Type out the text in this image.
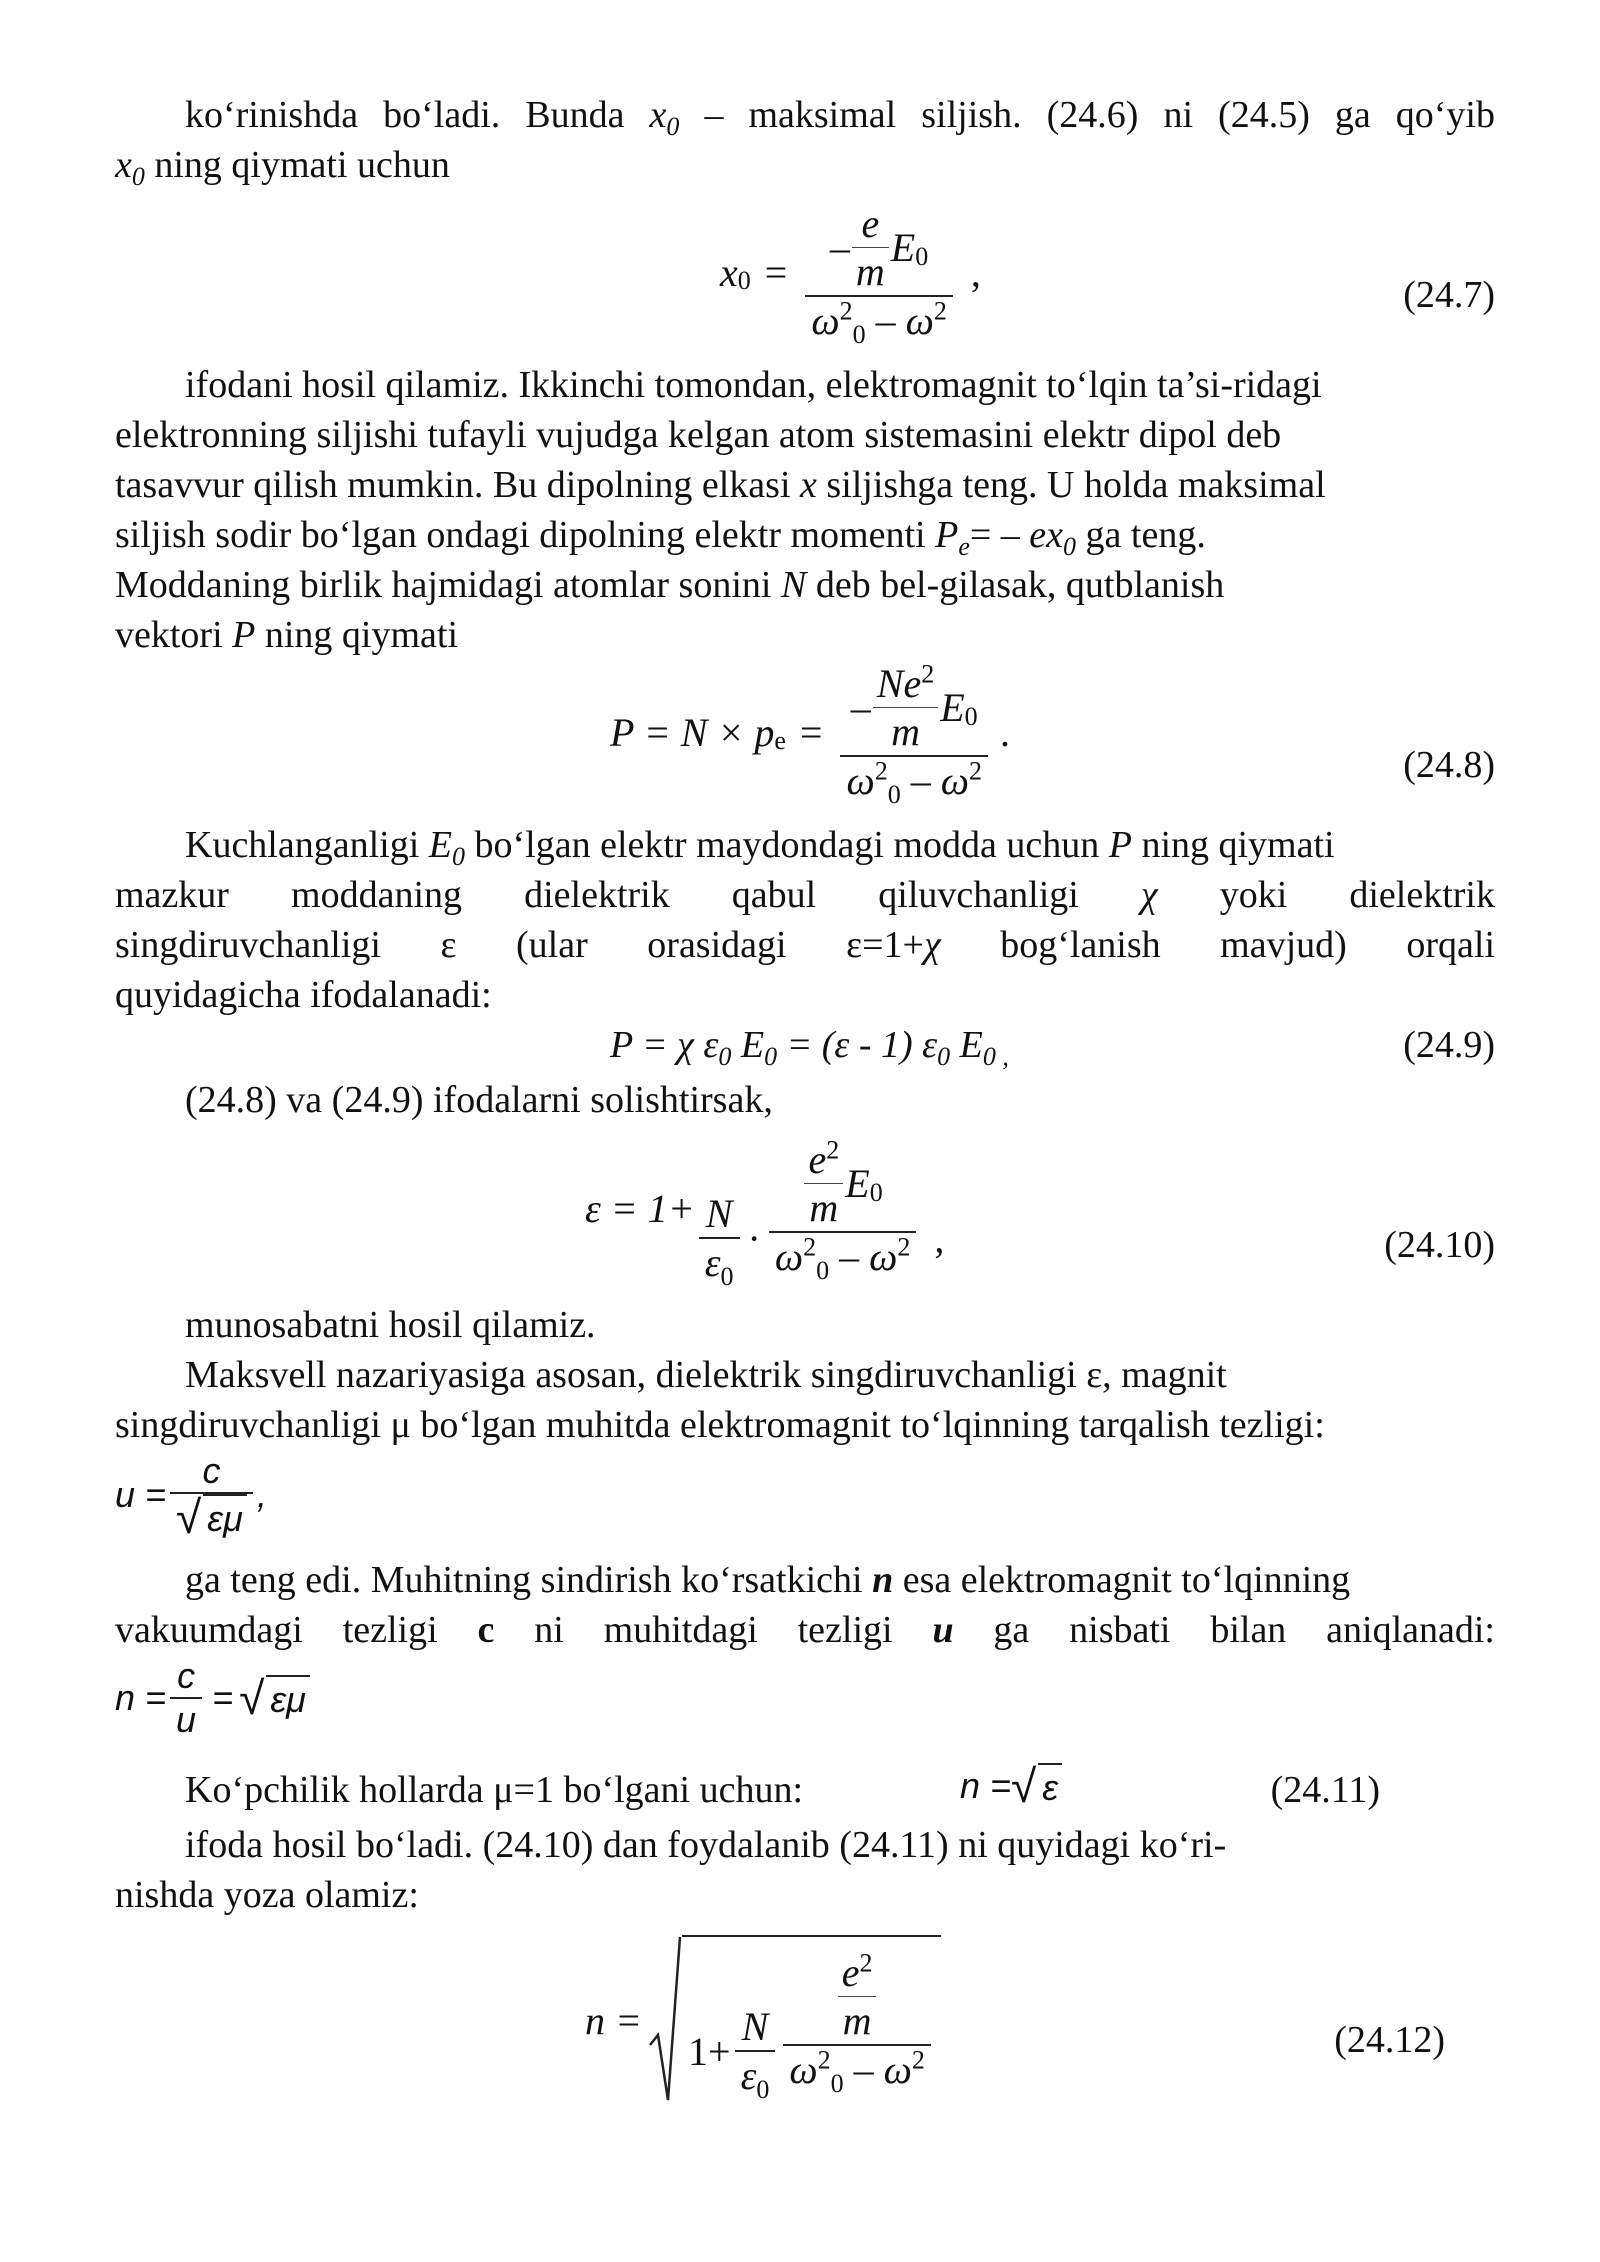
ko‘rinishda bo‘ladi. Bunda $x_0$ – maksimal siljish. (24.6) ni (24.5) ga qo‘yib

$x_0$ ning qiymati uchun

x 0 =
– $\frac{e}{m}$ E 0
$\omega^2_0 - \omega^2$
,
(24.7)

ifodani hosil qilamiz. Ikkinchi tomondan, elektromagnit to‘lqin ta’si-ridagi

elektronning siljishi tufayli vujudga kelgan atom sistemasini elektr dipol deb

tasavvur qilish mumkin. Bu dipolning elkasi x siljishga teng. U holda maksimal

siljish sodir bo‘lgan ondagi dipolning elektr momenti $P_e= - ex_0$ ga teng.

Moddaning birlik hajmidagi atomlar sonini N deb bel-gilasak, qutblanish

vektori P ning qiymati

P = N × p e =
– $\frac{Ne^2}{m}$ E 0
$\omega^2_0 - \omega^2$
.
(24.8)

Kuchlanganligi $E_0$ bo‘lgan elektr maydondagi modda uchun P ning qiymati

mazkur moddaning dielektrik qabul qiluvchanligi χ yoki dielektrik

singdiruvchanligi ε (ular orasidagi ε=1+χ bog‘lanish mavjud) orqali

quyidagicha ifodalanadi:

P = χ $\varepsilon_0$ $E_0 = (\varepsilon - 1)$ $\varepsilon_0$ $E_{0 ,}$	(24.9)

(24.8) va (24.9) ifodalarni solishtirsak,

$\varepsilon = 1+ \frac{N}{\varepsilon_0} \cdot \frac{\frac{e^2}{m} E 0}{\omega^2_0 - \omega^2}$ ,	(24.10)

munosabatni hosil qilamiz.

Maksvell nazariyasiga asosan, dielektrik singdiruvchanligi ε, magnit

singdiruvchanligi μ bo‘lgan muhitda elektromagnit to‘lqinning tarqalish tezligi:

$u = \frac{c}{√ \varepsilon\mu}$ ,

ga teng edi. Muhitning sindirish ko‘rsatkichi n esa elektromagnit to‘lqinning

vakuumdagi tezligi c ni muhitdagi tezligi u ga nisbati bilan aniqlanadi:

$n = \frac{c}{u}$ = √ εμ

Ko‘pchilik hollarda μ=1 bo‘lgani uchun:	n = √ ε	(24.11)

ifoda hosil bo‘ladi. (24.10) dan foydalanib (24.11) ni quyidagi ko‘ri-

nishda yoza olamiz:

n =
$1+ \frac{N}{\varepsilon_0} \frac{\frac{e^2}{m}}{\omega^2_0 - \omega^2}$	(24.12)
